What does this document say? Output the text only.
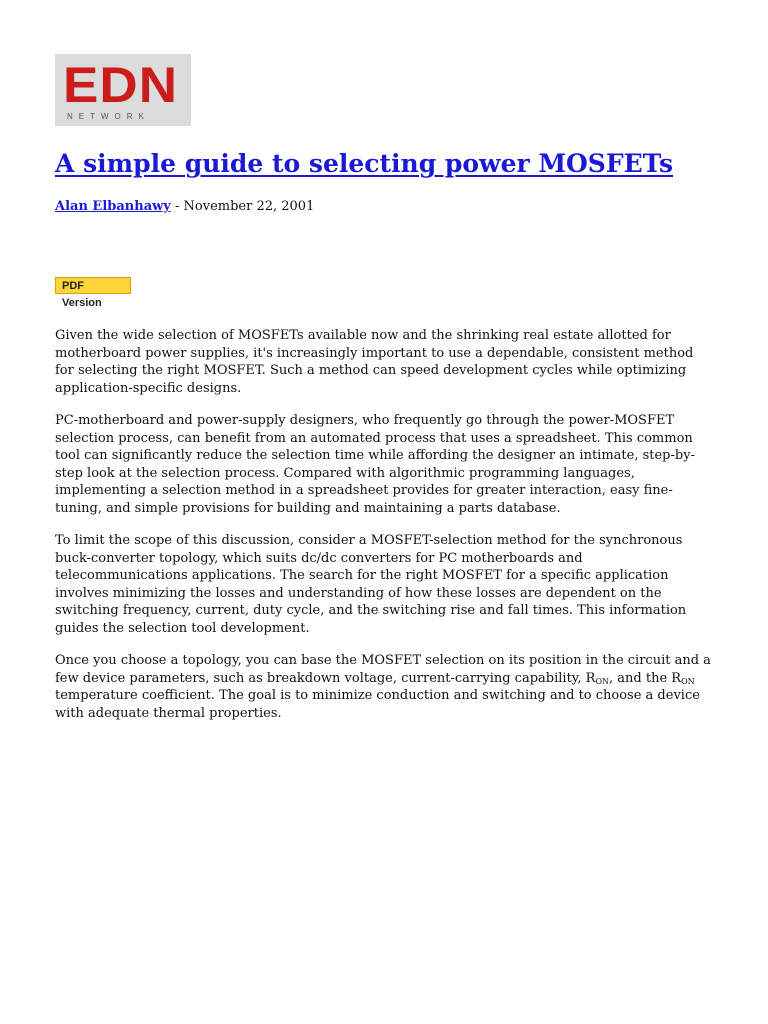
EDN
NETWORK
A simple guide to selecting power MOSFETs
Alan Elbanhawy - November 22, 2001
PDF Version

Given the wide selection of MOSFETs available now and the shrinking real estate allotted for motherboard power supplies, it's increasingly important to use a dependable, consistent method for selecting the right MOSFET. Such a method can speed development cycles while optimizing application-specific designs.

PC-motherboard and power-supply designers, who frequently go through the power-MOSFET selection process, can benefit from an automated process that uses a spreadsheet. This common tool can significantly reduce the selection time while affording the designer an intimate, step-by-step look at the selection process. Compared with algorithmic programming languages, implementing a selection method in a spreadsheet provides for greater interaction, easy fine-tuning, and simple provisions for building and maintaining a parts database.

To limit the scope of this discussion, consider a MOSFET-selection method for the synchronous buck-converter topology, which suits dc/dc converters for PC motherboards and telecommunications applications. The search for the right MOSFET for a specific application involves minimizing the losses and understanding of how these losses are dependent on the switching frequency, current, duty cycle, and the switching rise and fall times. This information guides the selection tool development.

Once you choose a topology, you can base the MOSFET selection on its position in the circuit and a few device parameters, such as breakdown voltage, current-carrying capability, $R_{ON}$, and the $R_{ON}$ temperature coefficient. The goal is to minimize conduction and switching and to choose a device with adequate thermal properties.
